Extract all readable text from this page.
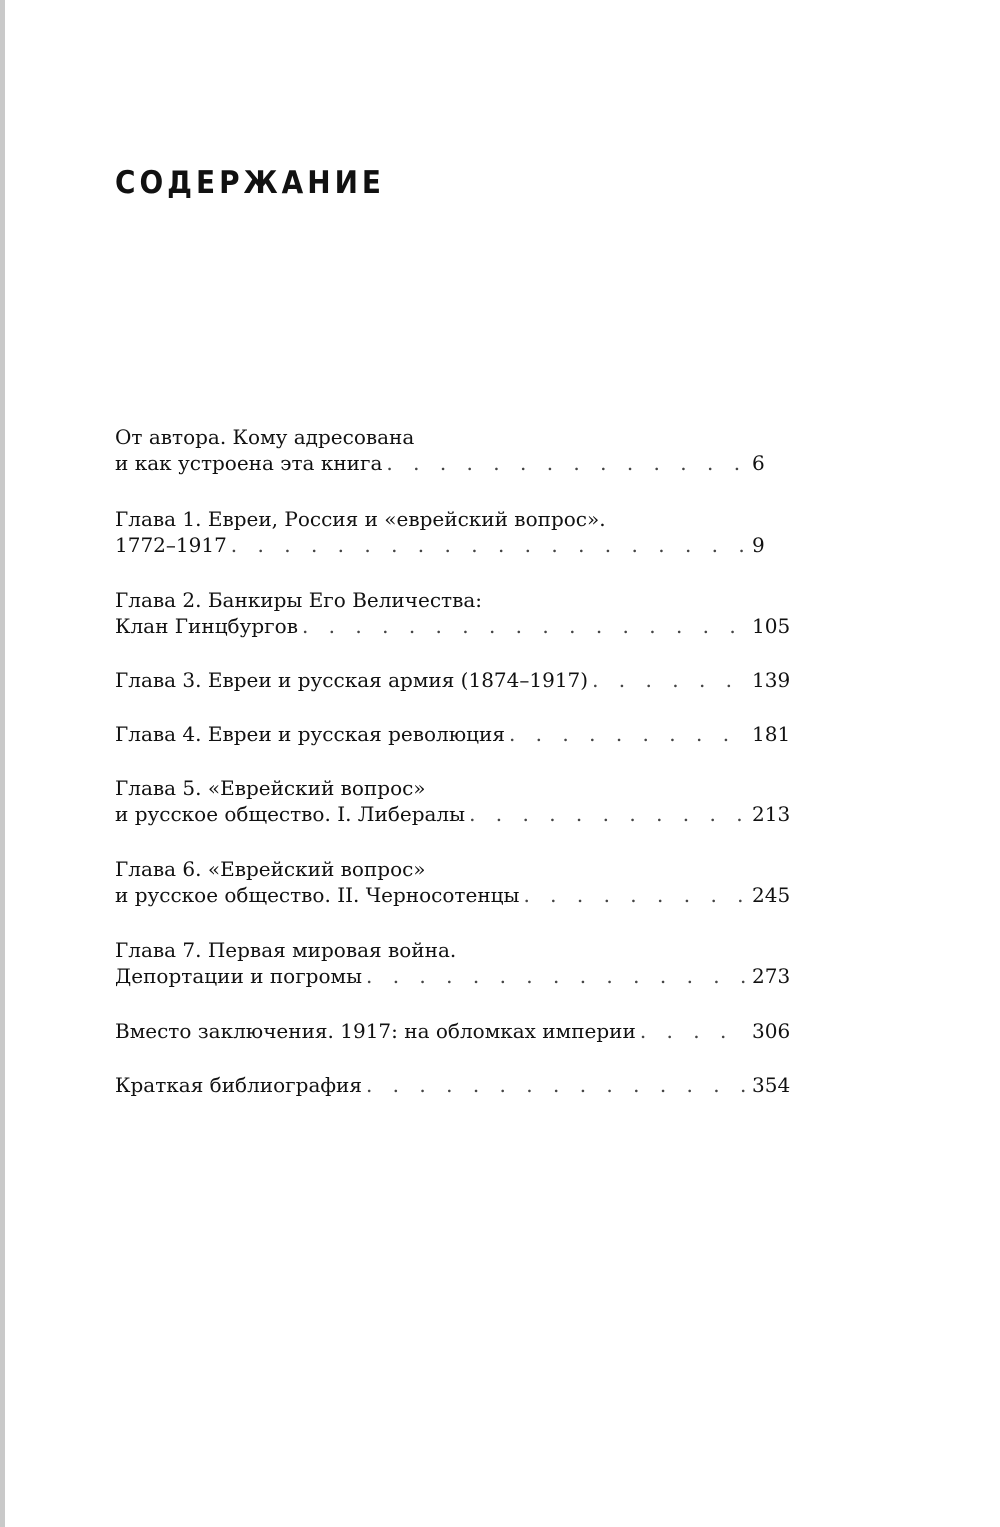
СОДЕРЖАНИЕ
От автора. Кому адресована
и как устроена эта книга . . .	6
Глава 1. Евреи, Россия и «еврейский вопрос».
1772–1917 . . .	9
Глава 2. Банкиры Его Величества:
Клан Гинцбургов . . .	105
Глава 3. Евреи и русская армия (1874–1917) . . .	139
Глава 4. Евреи и русская революция . . .	181
Глава 5. «Еврейский вопрос»
и русское общество. I. Либералы . . .	213
Глава 6. «Еврейский вопрос»
и русское общество. II. Черносотенцы . . .	245
Глава 7. Первая мировая война.
Депортации и погромы . . .	273
Вместо заключения. 1917: на обломках империи . . .	306
Краткая библиография . . .	354
